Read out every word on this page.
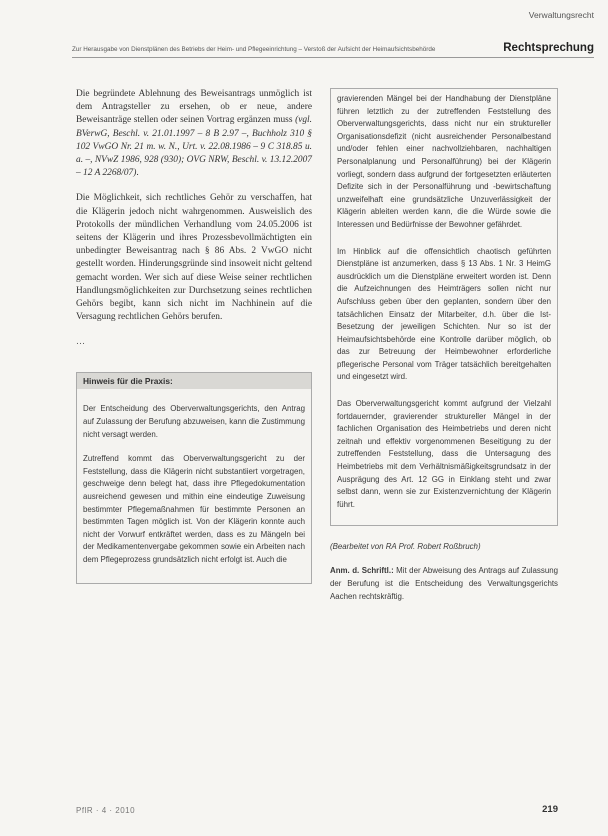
Verwaltungsrecht
Zur Herausgabe von Dienstplänen des Betriebs der Heim- und Pflegeeinrichtung – Verstoß der Aufsicht der Heimaufsichtsbehörde	Rechtsprechung

Die begründete Ablehnung des Beweisantrags unmöglich ist dem Antragsteller zu ersehen, ob er neue, andere Beweisanträge stellen oder seinen Vortrag ergänzen muss (vgl. BVerwG, Beschl. v. 21.01.1997 – 8 B 2.97 –, Buchholz 310 § 102 VwGO Nr. 21 m. w. N., Urt. v. 22.08.1986 – 9 C 318.85 u. a. –, NVwZ 1986, 928 (930); OVG NRW, Beschl. v. 13.12.2007 – 12 A 2268/07).

Die Möglichkeit, sich rechtliches Gehör zu verschaffen, hat die Klägerin jedoch nicht wahrgenommen. Ausweislich des Protokolls der mündlichen Verhandlung vom 24.05.2006 ist seitens der Klägerin und ihres Prozessbevollmächtigten ein unbedingter Beweisantrag nach § 86 Abs. 2 VwGO nicht gestellt worden. Hinderungsgründe sind insoweit nicht geltend gemacht worden. Wer sich auf diese Weise seiner rechtlichen Handlungsmöglichkeiten zur Durchsetzung seines rechtlichen Gehörs begibt, kann sich nicht im Nachhinein auf die Versagung rechtlichen Gehörs berufen.

…
Hinweis für die Praxis:

Der Entscheidung des Oberverwaltungsgerichts, den Antrag auf Zulassung der Berufung abzuweisen, kann die Zustimmung nicht versagt werden.

Zutreffend kommt das Oberverwaltungsgericht zu der Feststellung, dass die Klägerin nicht substantiiert vorgetragen, geschweige denn belegt hat, dass ihre Pflegedokumentation ausreichend gewesen und mithin eine eindeutige Zuweisung bestimmter Pflegemaßnahmen für bestimmte Personen an bestimmten Tagen möglich ist. Von der Klägerin konnte auch nicht der Vorwurf entkräftet werden, dass es zu Mängeln bei der Medikamentenvergabe gekommen sowie ein Arbeiten nach dem Pflegeprozess grundsätzlich nicht erfolgt ist. Auch die

gravierenden Mängel bei der Handhabung der Dienstpläne führen letztlich zu der zutreffenden Feststellung des Oberverwaltungsgerichts, dass nicht nur ein struktureller Organisationsdefizit (nicht ausreichender Personalbestand und/oder fehlen einer nachvollziehbaren, nachhaltigen Personalplanung und Personalführung) bei der Klägerin vorliegt, sondern dass aufgrund der fortgesetzten erläuterten Defizite sich in der Personalführung und -bewirtschaftung unzweifelhaft eine grundsätzliche Unzuverlässigkeit der Klägerin ableiten werden kann, die die Würde sowie die Interessen und Bedürfnisse der Bewohner gefährdet.

Im Hinblick auf die offensichtlich chaotisch geführten Dienstpläne ist anzumerken, dass § 13 Abs. 1 Nr. 3 HeimG ausdrücklich um die Dienstpläne erweitert worden ist. Denn die Aufzeichnungen des Heimträgers sollen nicht nur Aufschluss geben über den geplanten, sondern über den tatsächlichen Einsatz der Mitarbeiter, d.h. über die Ist-Besetzung der jeweiligen Schichten. Nur so ist der Heimaufsichtsbehörde eine Kontrolle darüber möglich, ob das zur Betreuung der Heimbewohner erforderliche pflegerische Personal vom Träger tatsächlich bereitgehalten und eingesetzt wird.

Das Oberverwaltungsgericht kommt aufgrund der Vielzahl fortdauernder, gravierender struktureller Mängel in der fachlichen Organisation des Heimbetriebs und deren nicht zeitnah und effektiv vorgenommenen Beseitigung zu der zutreffenden Feststellung, dass die Untersagung des Heimbetriebs mit dem Verhältnismäßigkeitsgrundsatz in der Ausprägung des Art. 12 GG in Einklang steht und zwar selbst dann, wenn sie zur Existenzvernichtung der Klägerin führt.

(Bearbeitet von RA Prof. Robert Roßbruch)

Anm. d. Schriftl.: Mit der Abweisung des Antrags auf Zulassung der Berufung ist die Entscheidung des Verwaltungsgerichts Aachen rechtskräftig.

PflR · 4 · 2010	219
